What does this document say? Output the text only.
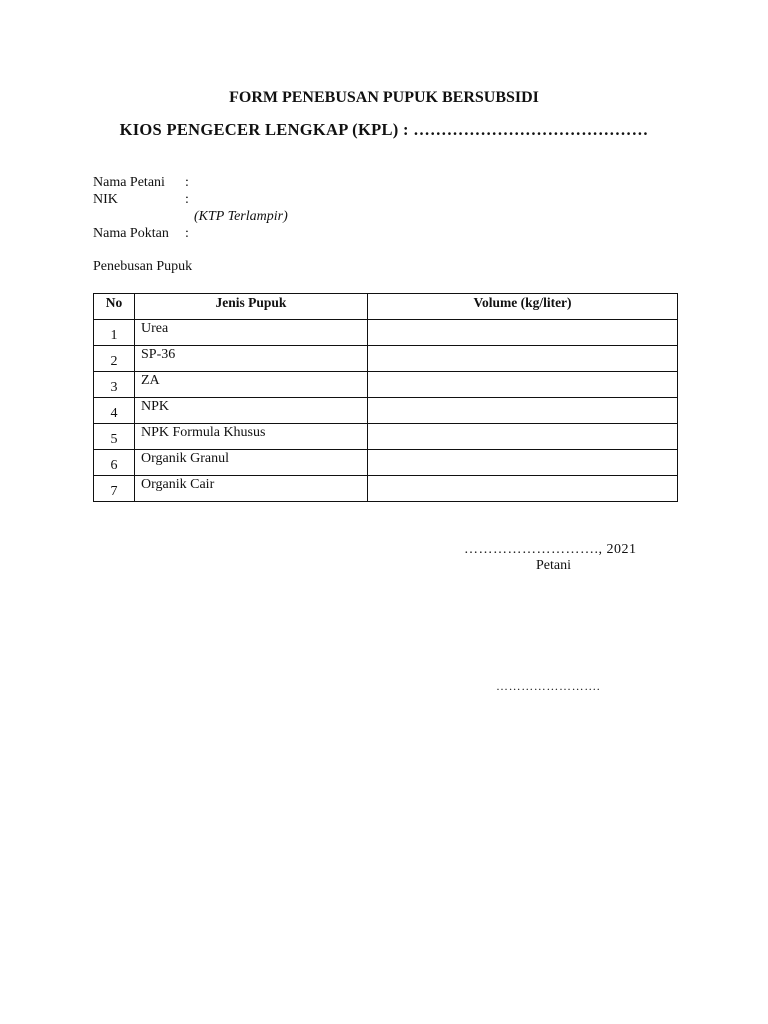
FORM PENEBUSAN PUPUK BERSUBSIDI
KIOS PENGECER LENGKAP (KPL) : ……………………………………
Nama Petani :
NIK	:
(KTP Terlampir)
Nama Poktan :
Penebusan Pupuk
No	Jenis Pupuk	Volume (kg/liter)
1	Urea	
2	SP-36	
3	ZA	
4	NPK	
5	NPK Formula Khusus	
6	Organik Granul	
7	Organik Cair	
………………………., 2021
Petani
…………………….
